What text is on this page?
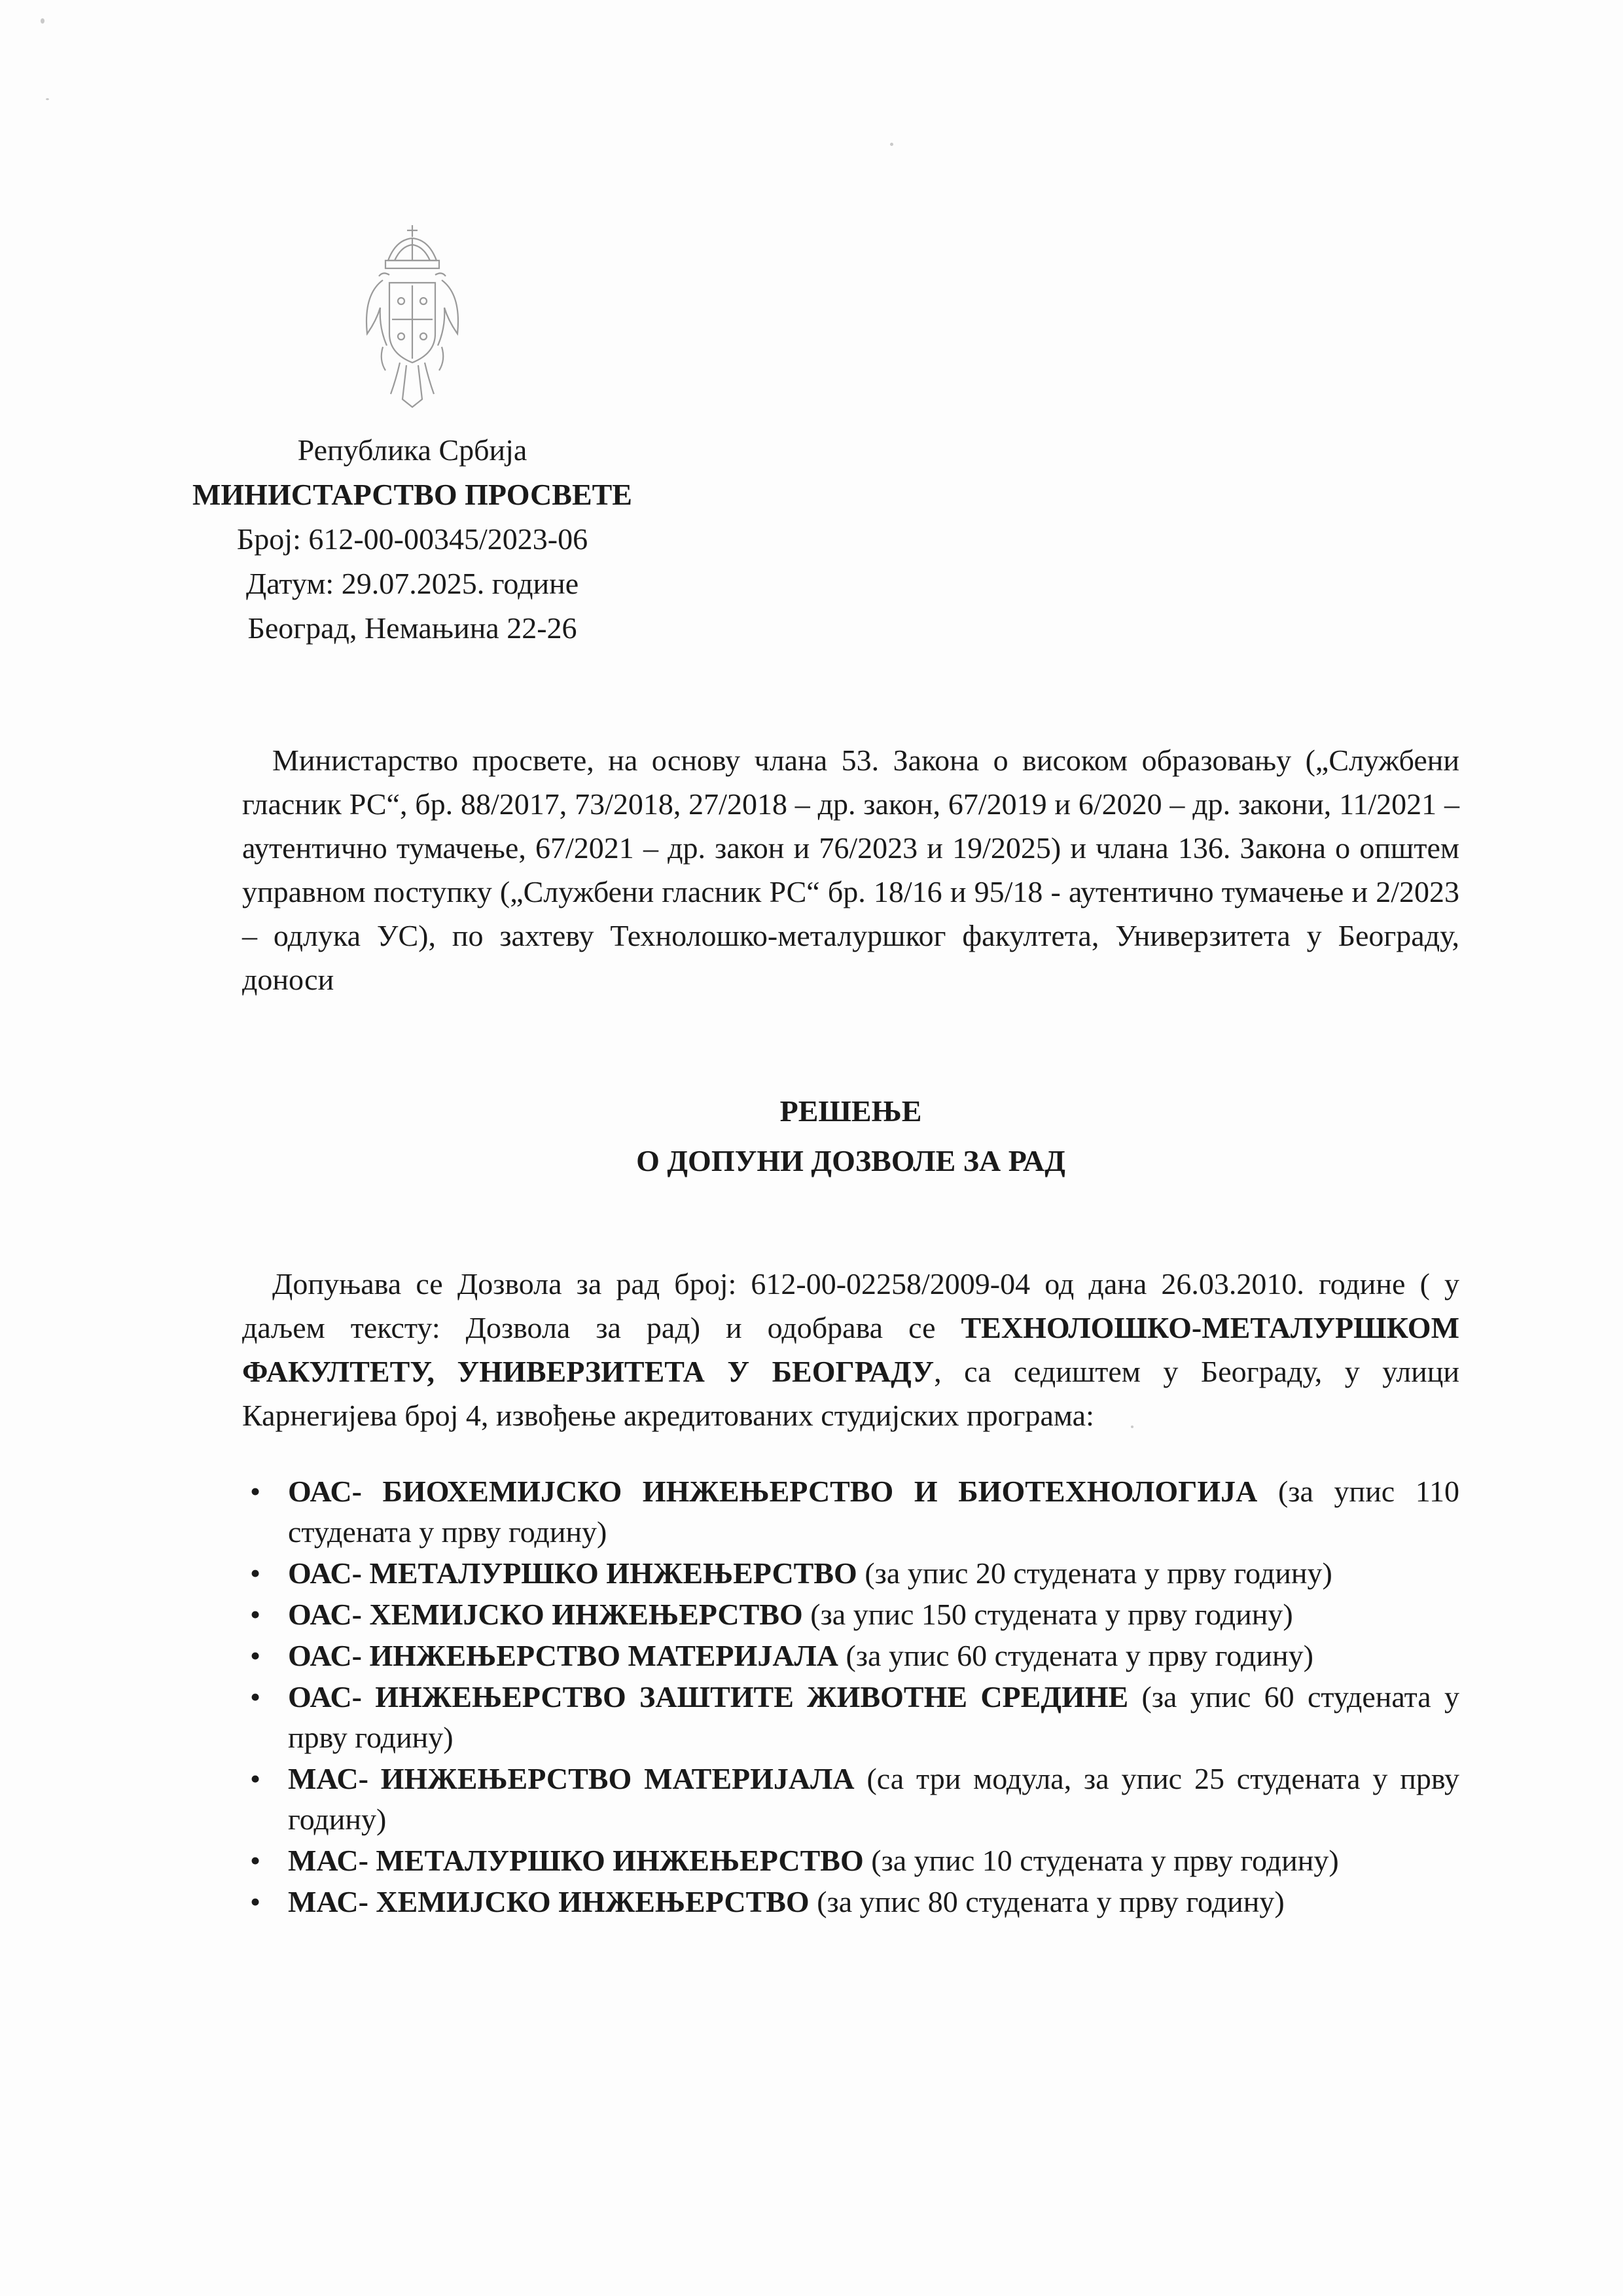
Република Србија
МИНИСТАРСТВО ПРОСВЕТЕ
Број: 612-00-00345/2023-06
Датум: 29.07.2025. године
Београд, Немањина 22-26

Министарство просвете, на основу члана 53. Закона о високом образовању („Службени гласник РС“, бр. 88/2017, 73/2018, 27/2018 – др. закон, 67/2019 и 6/2020 – др. закони, 11/2021 – аутентично тумачење, 67/2021 – др. закон и 76/2023 и 19/2025) и члана 136. Закона о општем управном поступку („Службени гласник РС“ бр. 18/16 и 95/18 - аутентично тумачење и 2/2023 – одлука УС), по захтеву Технолошко-металуршког факултета, Универзитета у Београду, доноси

РЕШЕЊЕ
О ДОПУНИ ДОЗВОЛЕ ЗА РАД

Допуњава се Дозвола за рад број: 612-00-02258/2009-04 од дана 26.03.2010. године ( у даљем тексту: Дозвола за рад) и одобрава се ТЕХНОЛОШКО-МЕТАЛУРШКОМ ФАКУЛТЕТУ, УНИВЕРЗИТЕТА У БЕОГРАДУ, са седиштем у Београду, у улици Карнегијева број 4, извођење акредитованих студијских програма:

• ОАС- БИОХЕМИЈСКО ИНЖЕЊЕРСТВО И БИОТЕХНОЛОГИЈА (за упис 110 студената у прву годину)
• ОАС- МЕТАЛУРШКО ИНЖЕЊЕРСТВО (за упис 20 студената у прву годину)
• ОАС- ХЕМИЈСКО ИНЖЕЊЕРСТВО (за упис 150 студената у прву годину)
• ОАС- ИНЖЕЊЕРСТВО МАТЕРИЈАЛА (за упис 60 студената у прву годину)
• ОАС- ИНЖЕЊЕРСТВО ЗАШТИТЕ ЖИВОТНЕ СРЕДИНЕ (за упис 60 студената у прву годину)
• МАС- ИНЖЕЊЕРСТВО МАТЕРИЈАЛА (са три модула, за упис 25 студената у прву годину)
• МАС- МЕТАЛУРШКО ИНЖЕЊЕРСТВО (за упис 10 студената у прву годину)
• МАС- ХЕМИЈСКО ИНЖЕЊЕРСТВО (за упис 80 студената у прву годину)
